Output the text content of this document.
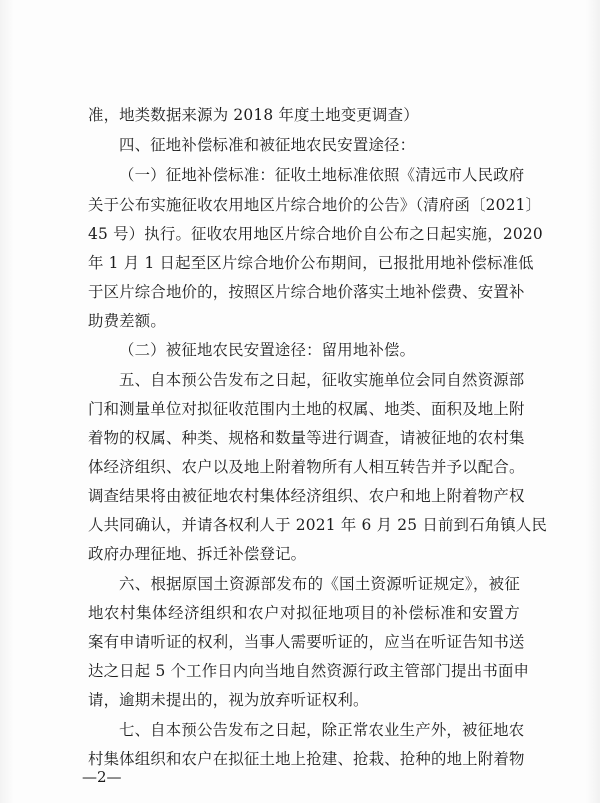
准，地类数据来源为 2018 年度土地变更调查）
四、征地补偿标准和被征地农民安置途径：
（一）征地补偿标准：征收土地标准依照《清远市人民政府
关于公布实施征收农用地区片综合地价的公告》（清府函〔2021〕
45 号）执行。征收农用地区片综合地价自公布之日起实施，2020
年 1 月 1 日起至区片综合地价公布期间，已报批用地补偿标准低
于区片综合地价的，按照区片综合地价落实土地补偿费、安置补
助费差额。
（二）被征地农民安置途径：留用地补偿。
五、自本预公告发布之日起，征收实施单位会同自然资源部
门和测量单位对拟征收范围内土地的权属、地类、面积及地上附
着物的权属、种类、规格和数量等进行调查，请被征地的农村集
体经济组织、农户以及地上附着物所有人相互转告并予以配合。
调查结果将由被征地农村集体经济组织、农户和地上附着物产权
人共同确认，并请各权利人于 2021 年 6 月 25 日前到石角镇人民
政府办理征地、拆迁补偿登记。
六、根据原国土资源部发布的《国土资源听证规定》，被征
地农村集体经济组织和农户对拟征地项目的补偿标准和安置方
案有申请听证的权利，当事人需要听证的，应当在听证告知书送
达之日起 5 个工作日内向当地自然资源行政主管部门提出书面申
请，逾期未提出的，视为放弃听证权利。
七、自本预公告发布之日起，除正常农业生产外，被征地农
村集体组织和农户在拟征土地上抢建、抢栽、抢种的地上附着物
—2—
